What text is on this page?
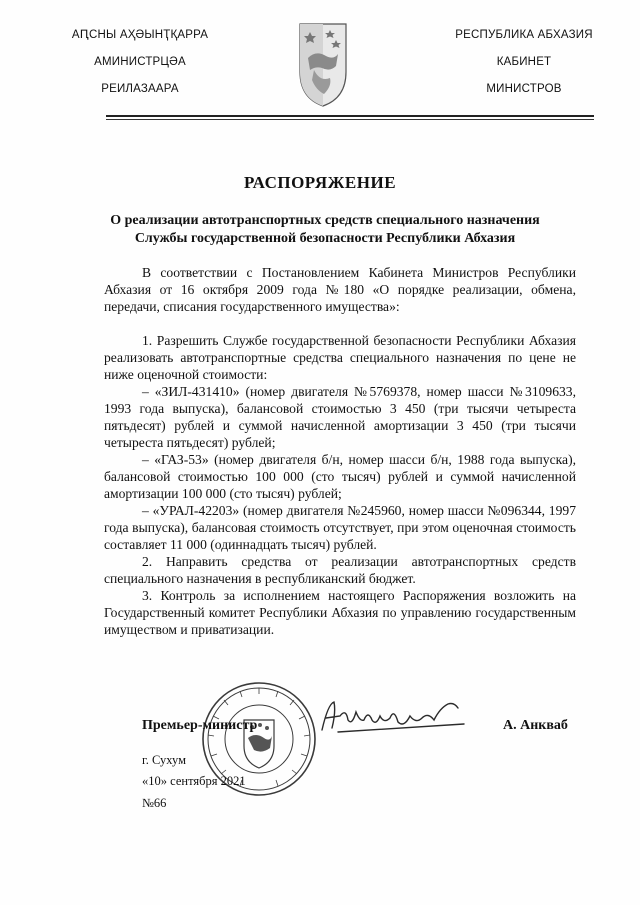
АԤСНЫ АҲӘЫНҬҚАРРА
АМИНИСТРЦӘА
РЕИЛАЗААРА
РЕСПУБЛИКА АБХАЗИЯ
КАБИНЕТ
МИНИСТРОВ
РАСПОРЯЖЕНИЕ
О реализации автотранспортных средств специального назначения
Службы государственной безопасности Республики Абхазия

В соответствии с Постановлением Кабинета Министров Республики Абхазия от 16 октября 2009 года №180 «О порядке реализации, обмена, передачи, списания государственного имущества»:

1. Разрешить Службе государственной безопасности Республики Абхазия реализовать автотранспортные средства специального назначения по цене не ниже оценочной стоимости:

– «ЗИЛ-431410» (номер двигателя №5769378, номер шасси №3109633, 1993 года выпуска), балансовой стоимостью 3 450 (три тысячи четыреста пятьдесят) рублей и суммой начисленной амортизации 3 450 (три тысячи четыреста пятьдесят) рублей;

– «ГАЗ-53» (номер двигателя б/н, номер шасси б/н, 1988 года выпуска), балансовой стоимостью 100 000 (сто тысяч) рублей и суммой начисленной амортизации 100 000 (сто тысяч) рублей;

– «УРАЛ-42203» (номер двигателя №245960, номер шасси №096344, 1997 года выпуска), балансовая стоимость отсутствует, при этом оценочная стоимость составляет 11 000 (одиннадцать тысяч) рублей.

2. Направить средства от реализации автотранспортных средств специального назначения в республиканский бюджет.

3. Контроль за исполнением настоящего Распоряжения возложить на Государственный комитет Республики Абхазия по управлению государственным имуществом и приватизации.

Премьер-министр	А. Анкваб
г. Сухум
«10» сентября 2021
№66
